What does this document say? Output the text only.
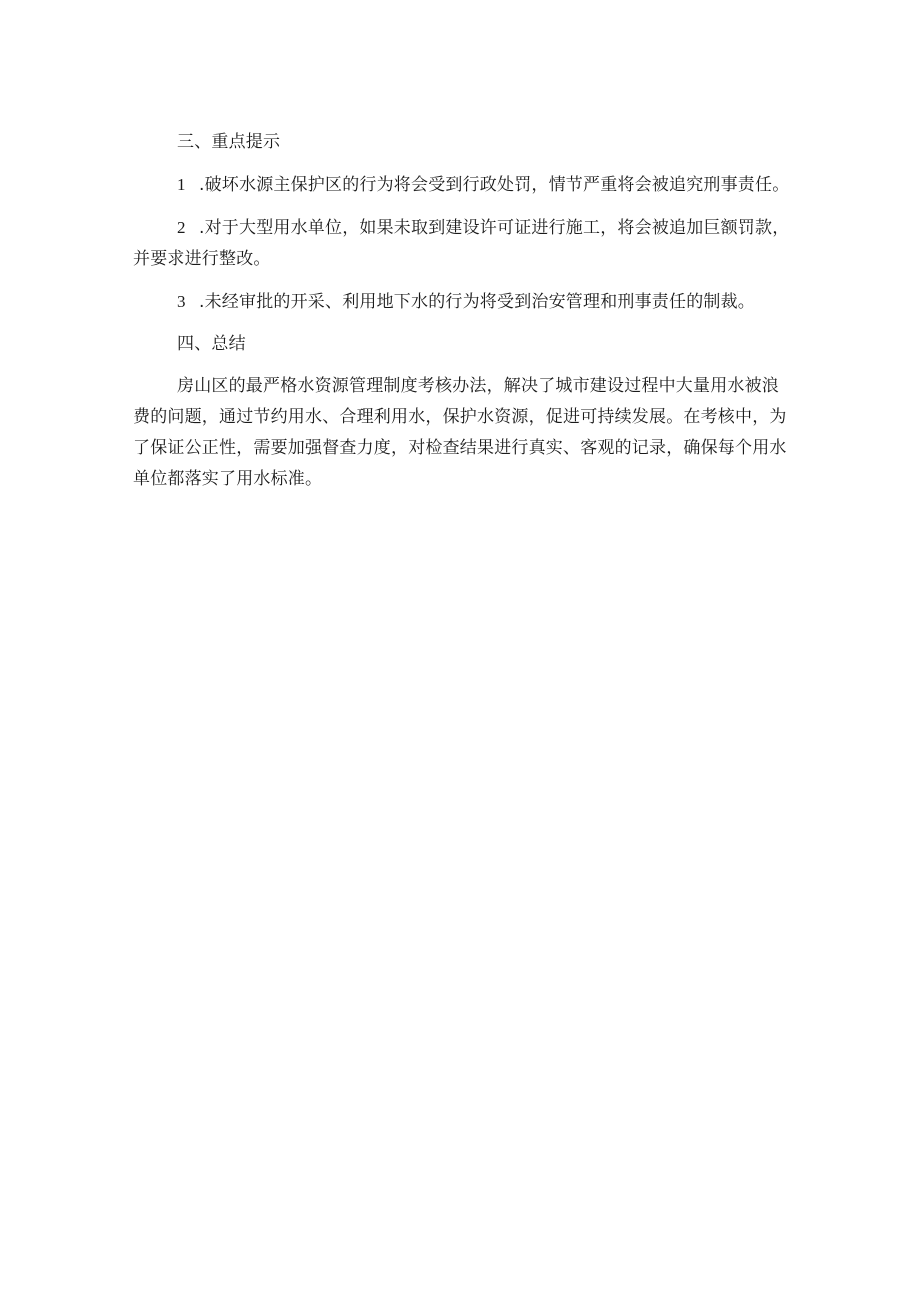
三、重点提示

1 .破坏水源主保护区的行为将会受到行政处罚，情节严重将会被追究刑事责任。

2 .对于大型用水单位，如果未取到建设许可证进行施工，将会被追加巨额罚款，并要求进行整改。

3 .未经审批的开采、利用地下水的行为将受到治安管理和刑事责任的制裁。

四、总结

房山区的最严格水资源管理制度考核办法，解决了城市建设过程中大量用水被浪费的问题，通过节约用水、合理利用水，保护水资源，促进可持续发展。在考核中，为了保证公正性，需要加强督查力度，对检查结果进行真实、客观的记录，确保每个用水单位都落实了用水标准。
